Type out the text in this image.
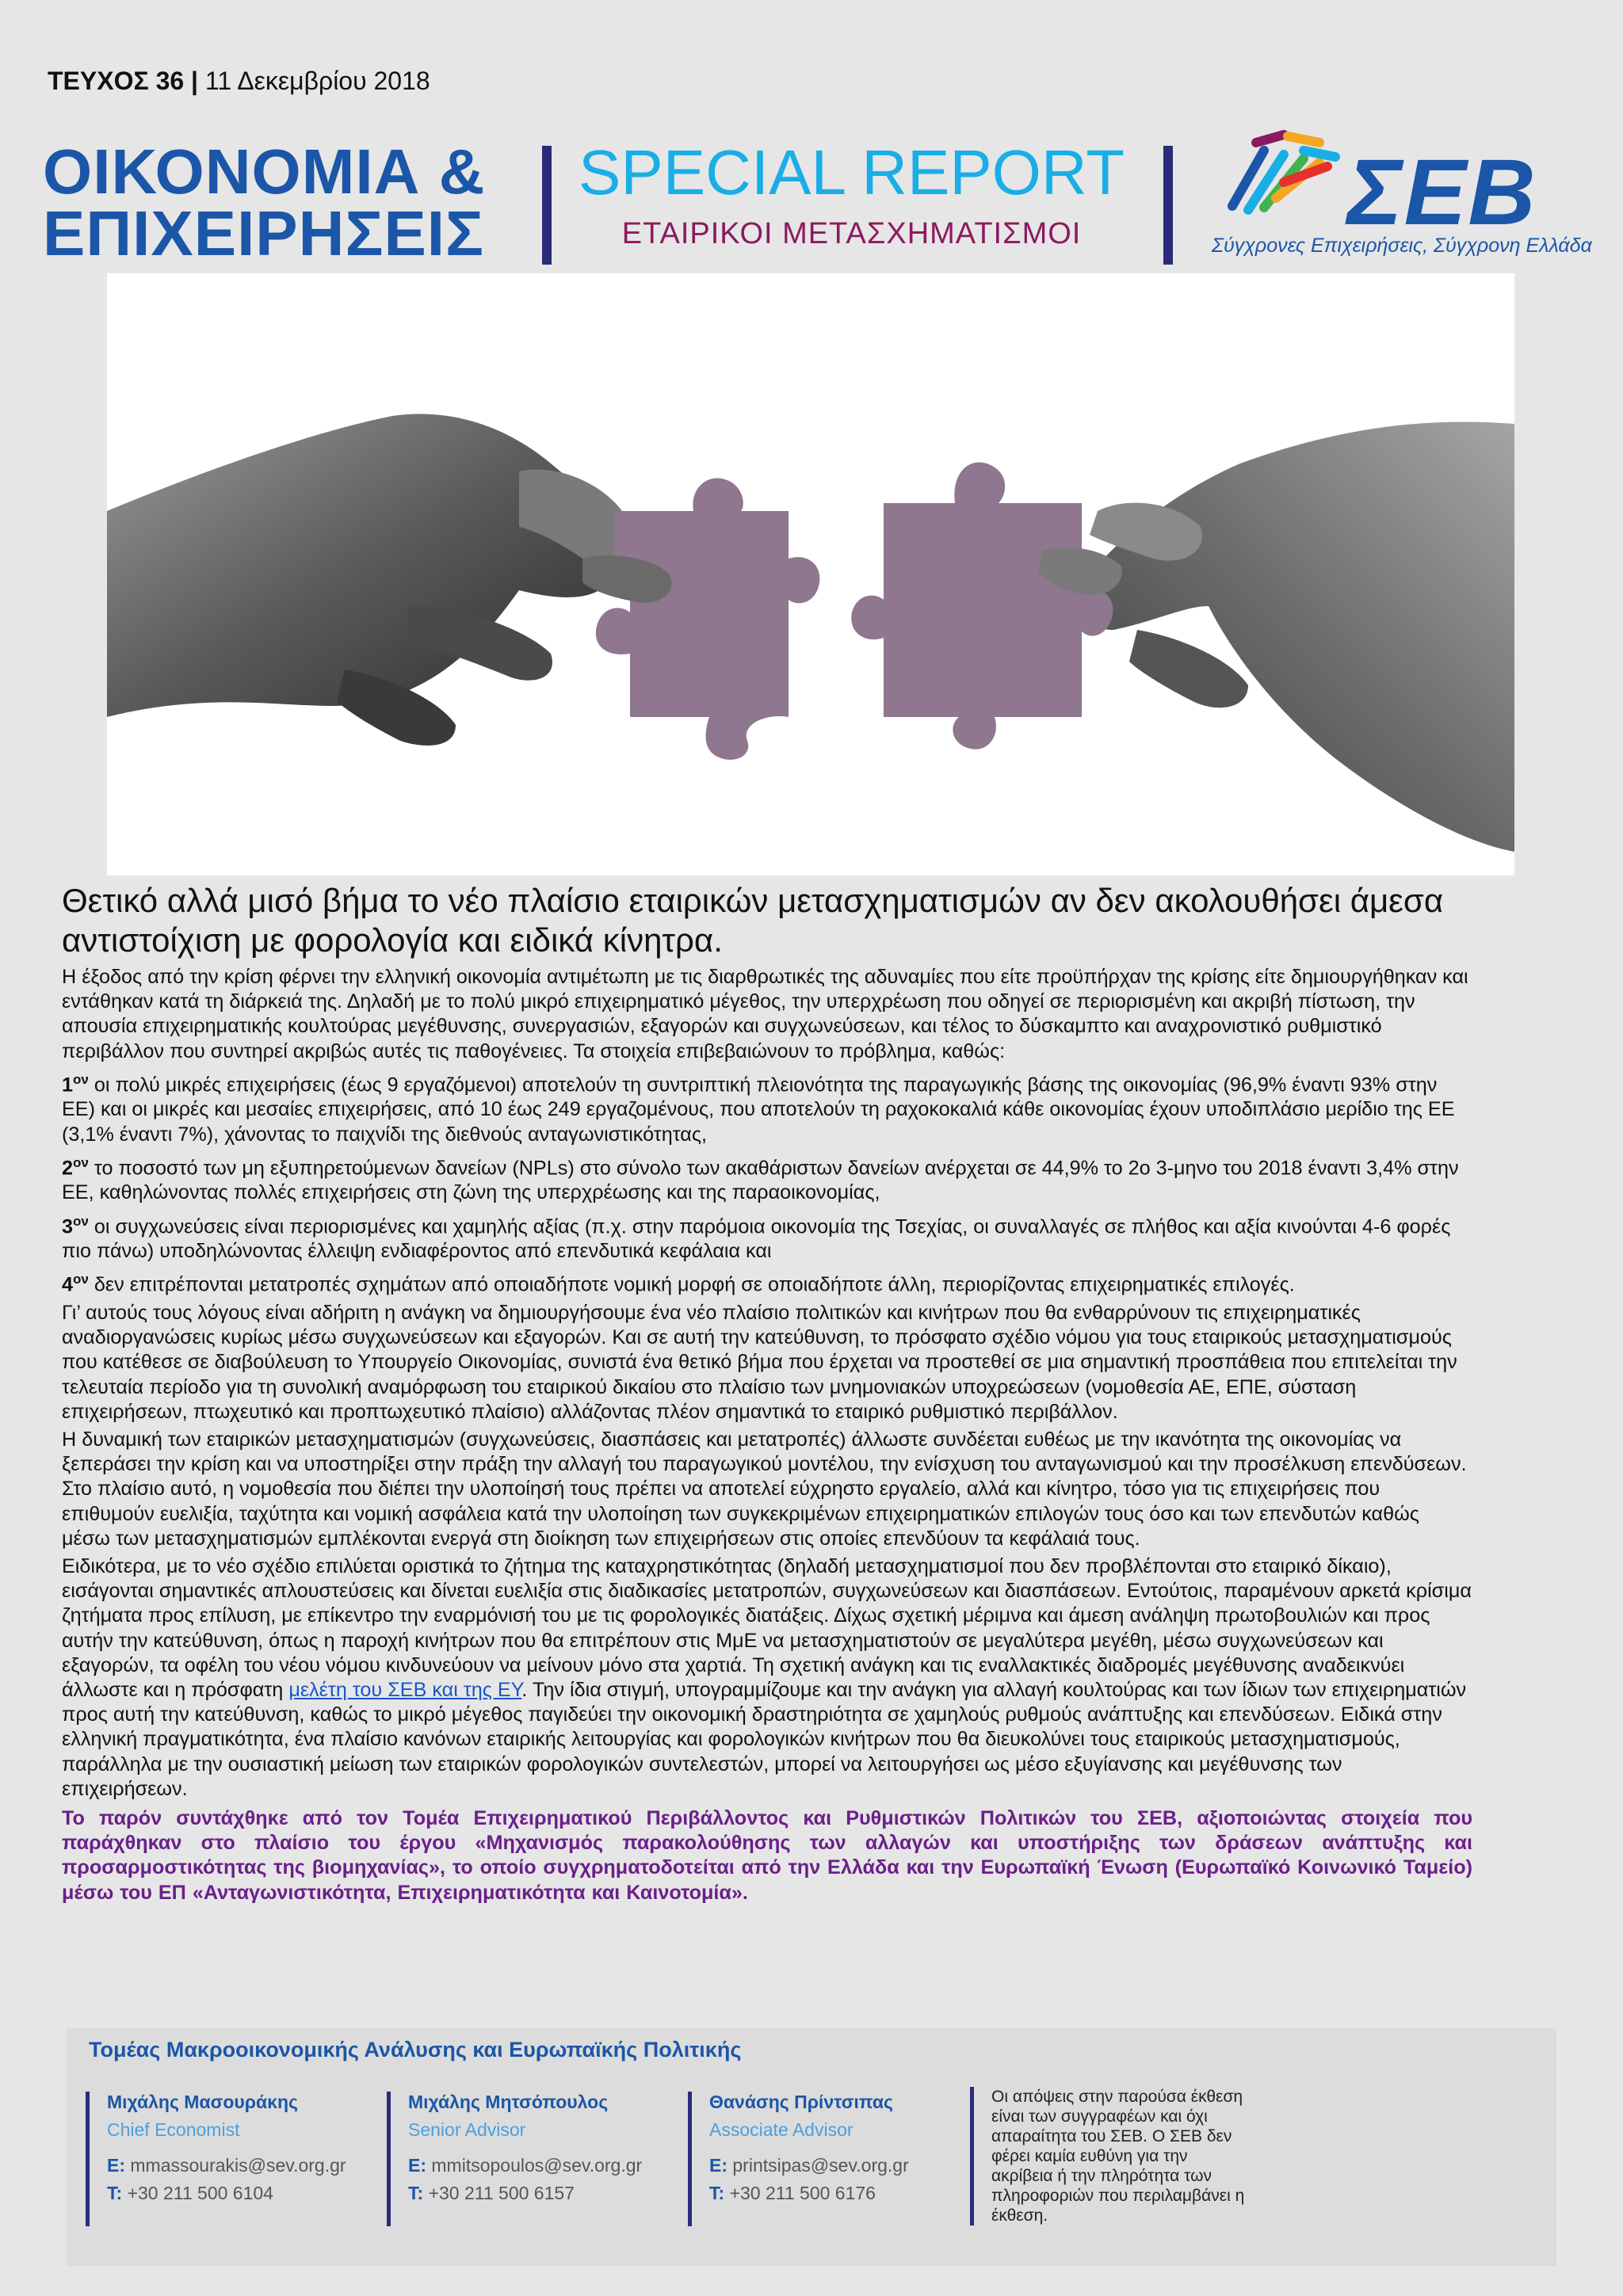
ΤΕΥΧΟΣ 36 | 11 Δεκεμβρίου 2018
ΟΙΚΟΝΟΜΙΑ &
ΕΠΙΧΕΙΡΗΣΕΙΣ
SPECIAL REPORT
ΕΤΑΙΡΙΚΟΙ ΜΕΤΑΣΧΗΜΑΤΙΣΜΟΙ	ΣΕΒ
Σύγχρονες Επιχειρήσεις, Σύγχρονη Ελλάδα
Θετικό αλλά μισό βήμα το νέο πλαίσιο εταιρικών μετασχηματισμών αν δεν ακολουθήσει άμεσα αντιστοίχιση με φορολογία και ειδικά κίνητρα.

Η έξοδος από την κρίση φέρνει την ελληνική οικονομία αντιμέτωπη με τις διαρθρωτικές της αδυναμίες που είτε προϋπήρχαν της κρίσης είτε δημιουργήθηκαν και εντάθηκαν κατά τη διάρκειά της. Δηλαδή με το πολύ μικρό επιχειρηματικό μέγεθος, την υπερχρέωση που οδηγεί σε περιορισμένη και ακριβή πίστωση, την απουσία επιχειρηματικής κουλτούρας μεγέθυνσης, συνεργασιών, εξαγορών και συγχωνεύσεων, και τέλος το δύσκαμπτο και αναχρονιστικό ρυθμιστικό περιβάλλον που συντηρεί ακριβώς αυτές τις παθογένειες. Τα στοιχεία επιβεβαιώνουν το πρόβλημα, καθώς:

$1^{o\nu}$ οι πολύ μικρές επιχειρήσεις (έως 9 εργαζόμενοι) αποτελούν τη συντριπτική πλειονότητα της παραγωγικής βάσης της οικονομίας (96,9% έναντι 93% στην ΕΕ) και οι μικρές και μεσαίες επιχειρήσεις, από 10 έως 249 εργαζομένους, που αποτελούν τη ραχοκοκαλιά κάθε οικονομίας έχουν υποδιπλάσιο μερίδιο της ΕΕ (3,1% έναντι 7%), χάνοντας το παιχνίδι της διεθνούς ανταγωνιστικότητας,

$2^{o\nu}$ το ποσοστό των μη εξυπηρετούμενων δανείων (NPLs) στο σύνολο των ακαθάριστων δανείων ανέρχεται σε 44,9% το 2ο 3-μηνο του 2018 έναντι 3,4% στην ΕΕ, καθηλώνοντας πολλές επιχειρήσεις στη ζώνη της υπερχρέωσης και της παραοικονομίας,

$3^{o\nu}$ οι συγχωνεύσεις είναι περιορισμένες και χαμηλής αξίας (π.χ. στην παρόμοια οικονομία της Τσεχίας, οι συναλλαγές σε πλήθος και αξία κινούνται 4-6 φορές πιο πάνω) υποδηλώνοντας έλλειψη ενδιαφέροντος από επενδυτικά κεφάλαια και

$4^{o\nu}$ δεν επιτρέπονται μετατροπές σχημάτων από οποιαδήποτε νομική μορφή σε οποιαδήποτε άλλη, περιορίζοντας επιχειρηματικές επιλογές.

Γι’ αυτούς τους λόγους είναι αδήριτη η ανάγκη να δημιουργήσουμε ένα νέο πλαίσιο πολιτικών και κινήτρων που θα ενθαρρύνουν τις επιχειρηματικές αναδιοργανώσεις κυρίως μέσω συγχωνεύσεων και εξαγορών. Και σε αυτή την κατεύθυνση, το πρόσφατο σχέδιο νόμου για τους εταιρικούς μετασχηματισμούς που κατέθεσε σε διαβούλευση το Υπουργείο Οικονομίας, συνιστά ένα θετικό βήμα που έρχεται να προστεθεί σε μια σημαντική προσπάθεια που επιτελείται την τελευταία περίοδο για τη συνολική αναμόρφωση του εταιρικού δικαίου στο πλαίσιο των μνημονιακών υποχρεώσεων (νομοθεσία ΑΕ, ΕΠΕ, σύσταση επιχειρήσεων, πτωχευτικό και προπτωχευτικό πλαίσιο) αλλάζοντας πλέον σημαντικά το εταιρικό ρυθμιστικό περιβάλλον.

Η δυναμική των εταιρικών μετασχηματισμών (συγχωνεύσεις, διασπάσεις και μετατροπές) άλλωστε συνδέεται ευθέως με την ικανότητα της οικονομίας να ξεπεράσει την κρίση και να υποστηρίξει στην πράξη την αλλαγή του παραγωγικού μοντέλου, την ενίσχυση του ανταγωνισμού και την προσέλκυση επενδύσεων. Στο πλαίσιο αυτό, η νομοθεσία που διέπει την υλοποίησή τους πρέπει να αποτελεί εύχρηστο εργαλείο, αλλά και κίνητρο, τόσο για τις επιχειρήσεις που επιθυμούν ευελιξία, ταχύτητα και νομική ασφάλεια κατά την υλοποίηση των συγκεκριμένων επιχειρηματικών επιλογών τους όσο και των επενδυτών καθώς μέσω των μετασχηματισμών εμπλέκονται ενεργά στη διοίκηση των επιχειρήσεων στις οποίες επενδύουν τα κεφάλαιά τους.

Ειδικότερα, με το νέο σχέδιο επιλύεται οριστικά το ζήτημα της καταχρηστικότητας (δηλαδή μετασχηματισμοί που δεν προβλέπονται στο εταιρικό δίκαιο), εισάγονται σημαντικές απλουστεύσεις και δίνεται ευελιξία στις διαδικασίες μετατροπών, συγχωνεύσεων και διασπάσεων. Εντούτοις, παραμένουν αρκετά κρίσιμα ζητήματα προς επίλυση, με επίκεντρο την εναρμόνισή του με τις φορολογικές διατάξεις. Δίχως σχετική μέριμνα και άμεση ανάληψη πρωτοβουλιών και προς αυτήν την κατεύθυνση, όπως η παροχή κινήτρων που θα επιτρέπουν στις ΜμΕ να μετασχηματιστούν σε μεγαλύτερα μεγέθη, μέσω συγχωνεύσεων και εξαγορών, τα οφέλη του νέου νόμου κινδυνεύουν να μείνουν μόνο στα χαρτιά. Τη σχετική ανάγκη και τις εναλλακτικές διαδρομές μεγέθυνσης αναδεικνύει άλλωστε και η πρόσφατη μελέτη του ΣΕΒ και της ΕΥ. Την ίδια στιγμή, υπογραμμίζουμε και την ανάγκη για αλλαγή κουλτούρας και των ίδιων των επιχειρηματιών προς αυτή την κατεύθυνση, καθώς το μικρό μέγεθος παγιδεύει την οικονομική δραστηριότητα σε χαμηλούς ρυθμούς ανάπτυξης και επενδύσεων. Ειδικά στην ελληνική πραγματικότητα, ένα πλαίσιο κανόνων εταιρικής λειτουργίας και φορολογικών κινήτρων που θα διευκολύνει τους εταιρικούς μετασχηματισμούς, παράλληλα με την ουσιαστική μείωση των εταιρικών φορολογικών συντελεστών, μπορεί να λειτουργήσει ως μέσο εξυγίανσης και μεγέθυνσης των επιχειρήσεων.

Το παρόν συντάχθηκε από τον Τομέα Επιχειρηματικού Περιβάλλοντος και Ρυθμιστικών Πολιτικών του ΣΕΒ, αξιοποιώντας στοιχεία που παράχθηκαν στο πλαίσιο του έργου «Μηχανισμός παρακολούθησης των αλλαγών και υποστήριξης των δράσεων ανάπτυξης και προσαρμοστικότητας της βιομηχανίας», το οποίο συγχρηματοδοτείται από την Ελλάδα και την Ευρωπαϊκή Ένωση (Ευρωπαϊκό Κοινωνικό Ταμείο) μέσω του ΕΠ «Ανταγωνιστικότητα, Επιχειρηματικότητα και Καινοτομία».

Τομέας Μακροοικονομικής Ανάλυσης και Ευρωπαϊκής Πολιτικής
Μιχάλης Μασουράκης
Chief Economist
E: mmassourakis@sev.org.gr
T: +30 211 500 6104
Μιχάλης Μητσόπουλος
Senior Advisor
E: mmitsopoulos@sev.org.gr
T: +30 211 500 6157
Θανάσης Πρίντσιπας
Associate Advisor
E: printsipas@sev.org.gr
T: +30 211 500 6176
Οι απόψεις στην παρούσα έκθεση είναι των συγγραφέων και όχι απαραίτητα του ΣΕΒ. Ο ΣΕΒ δεν φέρει καμία ευθύνη για την ακρίβεια ή την πληρότητα των πληροφοριών που περιλαμβάνει η έκθεση.
